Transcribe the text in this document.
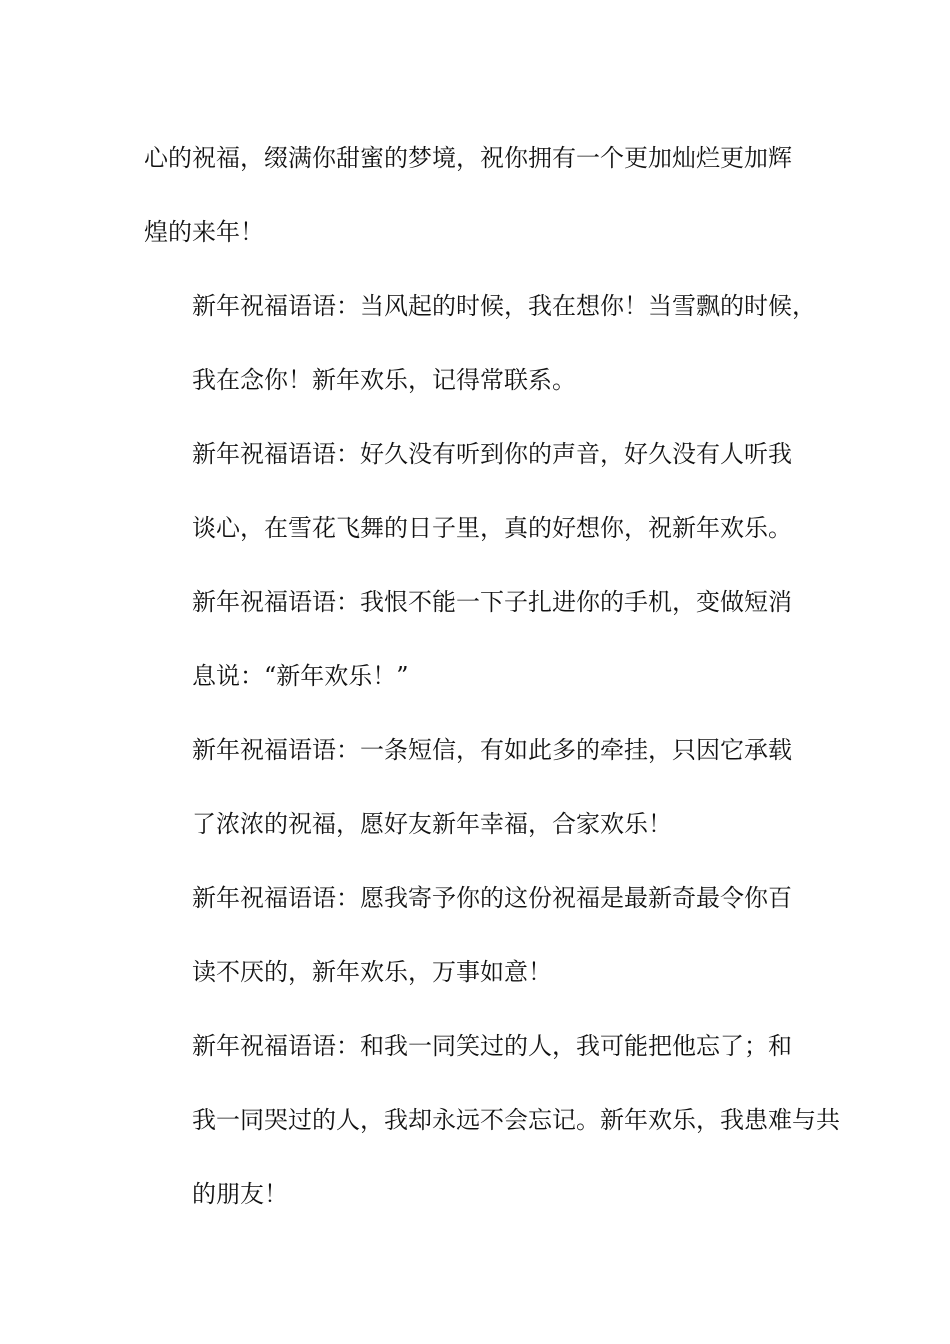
心的祝福，缀满你甜蜜的梦境，祝你拥有一个更加灿烂更加辉
煌的来年！

新年祝福语语：当风起的时候，我在想你！当雪飘的时候，
我在念你！新年欢乐，记得常联系。

新年祝福语语：好久没有听到你的声音，好久没有人听我
谈心，在雪花飞舞的日子里，真的好想你，祝新年欢乐。

新年祝福语语：我恨不能一下子扎进你的手机，变做短消
息说：“新年欢乐！”

新年祝福语语：一条短信，有如此多的牵挂，只因它承载
了浓浓的祝福，愿好友新年幸福，合家欢乐！

新年祝福语语：愿我寄予你的这份祝福是最新奇最令你百
读不厌的，新年欢乐，万事如意！

新年祝福语语：和我一同笑过的人，我可能把他忘了；和
我一同哭过的人，我却永远不会忘记。新年欢乐，我患难与共
的朋友！
